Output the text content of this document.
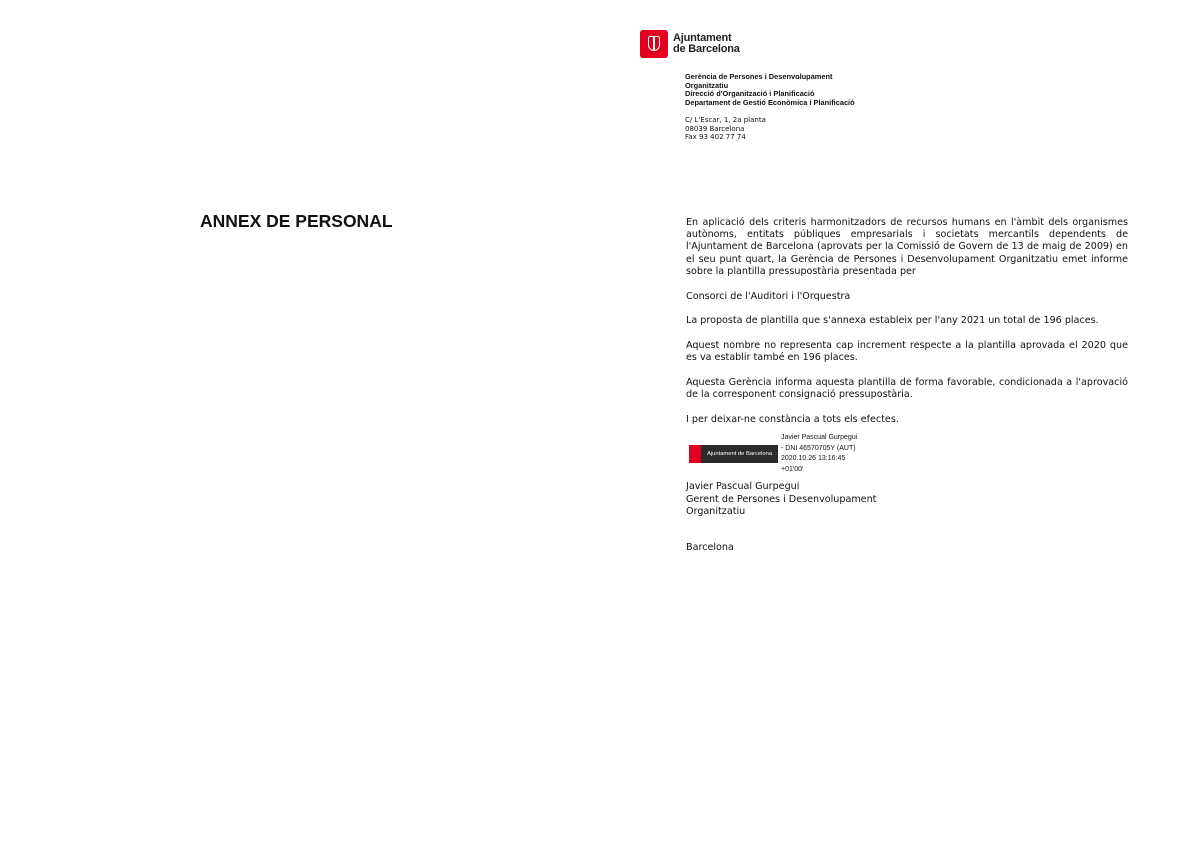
Ajuntament
de Barcelona
Gerència de Persones i Desenvolupament
Organitzatiu
Direcció d'Organització i Planificació
Departament de Gestió Econòmica i Planificació
C/ L'Escar, 1, 2a planta
08039 Barcelona
Fax 93 402 77 74
ANNEX DE PERSONAL	En aplicació dels criteris harmonitzadors de recursos humans en l'àmbit dels organismes autònoms, entitats públiques empresarials i societats mercantils dependents de l'Ajuntament de Barcelona (aprovats per la Comissió de Govern de 13 de maig de 2009) en el seu punt quart, la Gerència de Persones i Desenvolupament Organitzatiu emet informe sobre la plantilla pressupostària presentada per

Consorci de l'Auditori i l'Orquestra

La proposta de plantilla que s'annexa estableix per l'any 2021 un total de 196 places.

Aquest nombre no representa cap increment respecte a la plantilla aprovada el 2020 que es va establir també en 196 places.

Aquesta Gerència informa aquesta plantilla de forma favorable, condicionada a l'aprovació de la corresponent consignació pressupostària.

I per deixar-ne constància a tots els efectes.

Ajuntament de Barcelona
Javier Pascual Gurpegui
- DNI 46570705Y (AUT)
2020.10.26 13:16:45
+01'00'
Javier Pascual Gurpegui
Gerent de Persones i Desenvolupament
Organitzatiu
Barcelona
